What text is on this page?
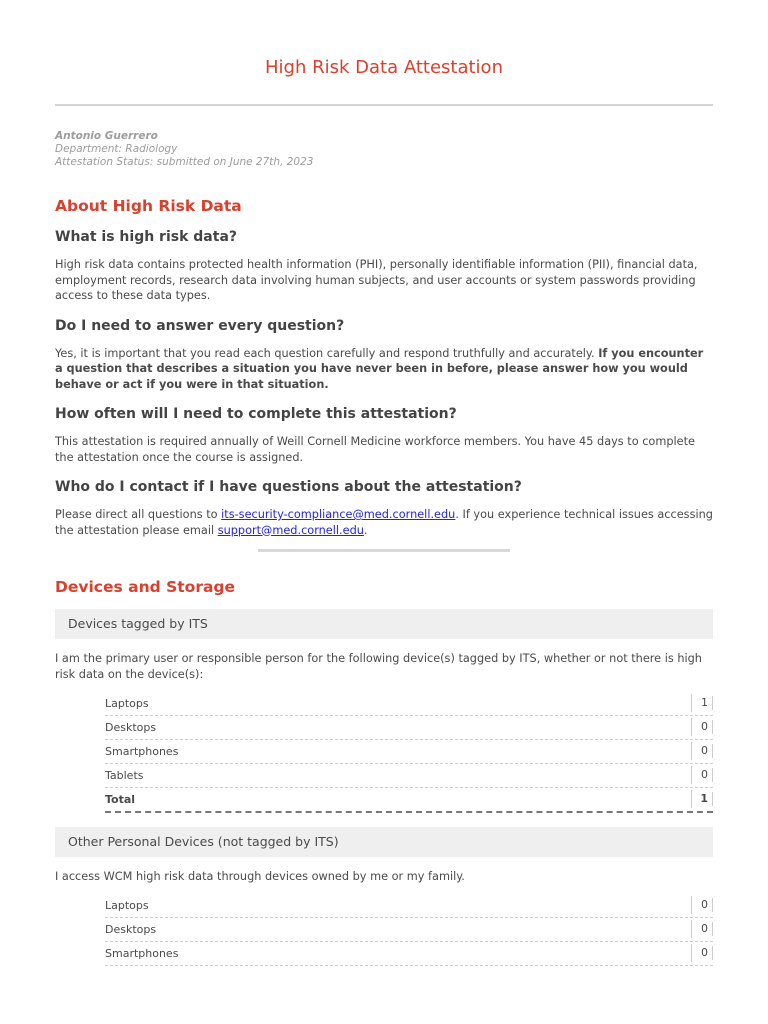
High Risk Data Attestation
Antonio Guerrero
Department: Radiology
Attestation Status: submitted on June 27th, 2023
About High Risk Data
What is high risk data?

High risk data contains protected health information (PHI), personally identifiable information (PII), financial data, employment records, research data involving human subjects, and user accounts or system passwords providing access to these data types.

Do I need to answer every question?

Yes, it is important that you read each question carefully and respond truthfully and accurately. If you encounter a question that describes a situation you have never been in before, please answer how you would behave or act if you were in that situation.

How often will I need to complete this attestation?

This attestation is required annually of Weill Cornell Medicine workforce members. You have 45 days to complete the attestation once the course is assigned.

Who do I contact if I have questions about the attestation?

Please direct all questions to its-security-compliance@med.cornell.edu. If you experience technical issues accessing the attestation please email support@med.cornell.edu.

Devices and Storage
Devices tagged by ITS

I am the primary user or responsible person for the following device(s) tagged by ITS, whether or not there is high risk data on the device(s):

Laptops	1
Desktops	0
Smartphones	0
Tablets	0
Total	1
Other Personal Devices (not tagged by ITS)

I access WCM high risk data through devices owned by me or my family.

Laptops	0
Desktops	0
Smartphones	0
